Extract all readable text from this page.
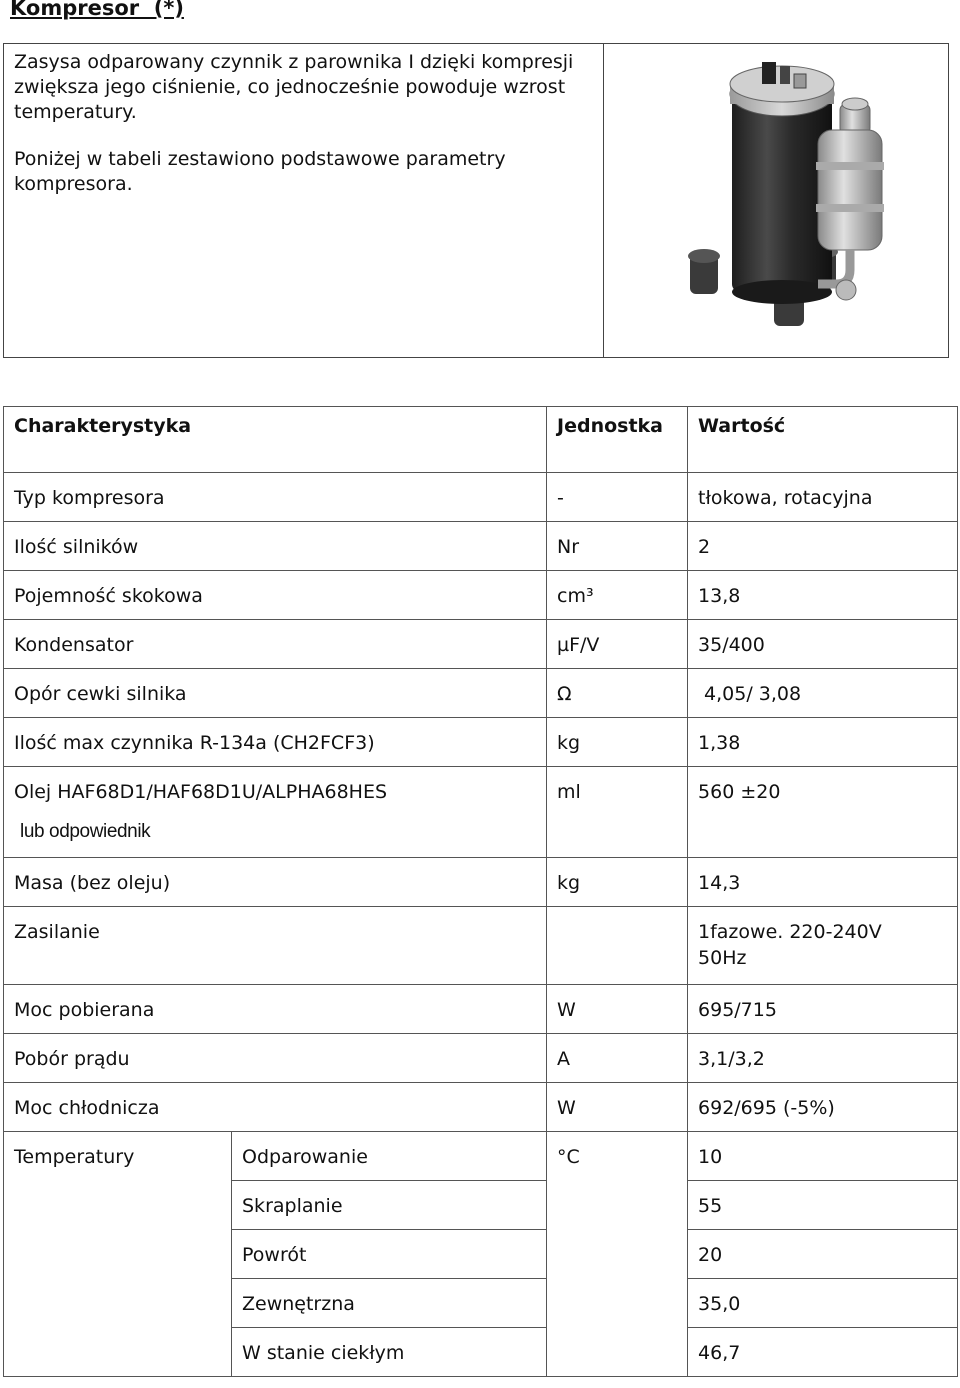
Kompresor  (*)

Zasysa odparowany czynnik z parownika I dzięki kompresji zwiększa jego ciśnienie, co jednocześnie powoduje wzrost temperatury.

Poniżej w tabeli zestawiono podstawowe parametry kompresora.

Charakterystyka		Jednostka	Wartość
Typ kompresora		-	tłokowa, rotacyjna
Ilość silników		Nr	2
Pojemność skokowa		cm³	13,8
Kondensator		µF/V	35/400
Opór cewki silnika		Ω	4,05/ 3,08
Ilość max czynnika R-134a (CH2FCF3)		kg	1,38
Olej HAF68D1/HAF68D1U/ALPHA68HES
lub odpowiednik		ml	560 ±20
Masa (bez oleju)		kg	14,3
Zasilanie			1fazowe. 220-240V
50Hz
Moc pobierana		W	695/715
Pobór prądu		A	3,1/3,2
Moc chłodnicza		W	692/695 (-5%)
Temperatury	Odparowanie	°C	10
	Skraplanie		55
	Powrót		20
	Zewnętrzna		35,0
	W stanie ciekłym		46,7
